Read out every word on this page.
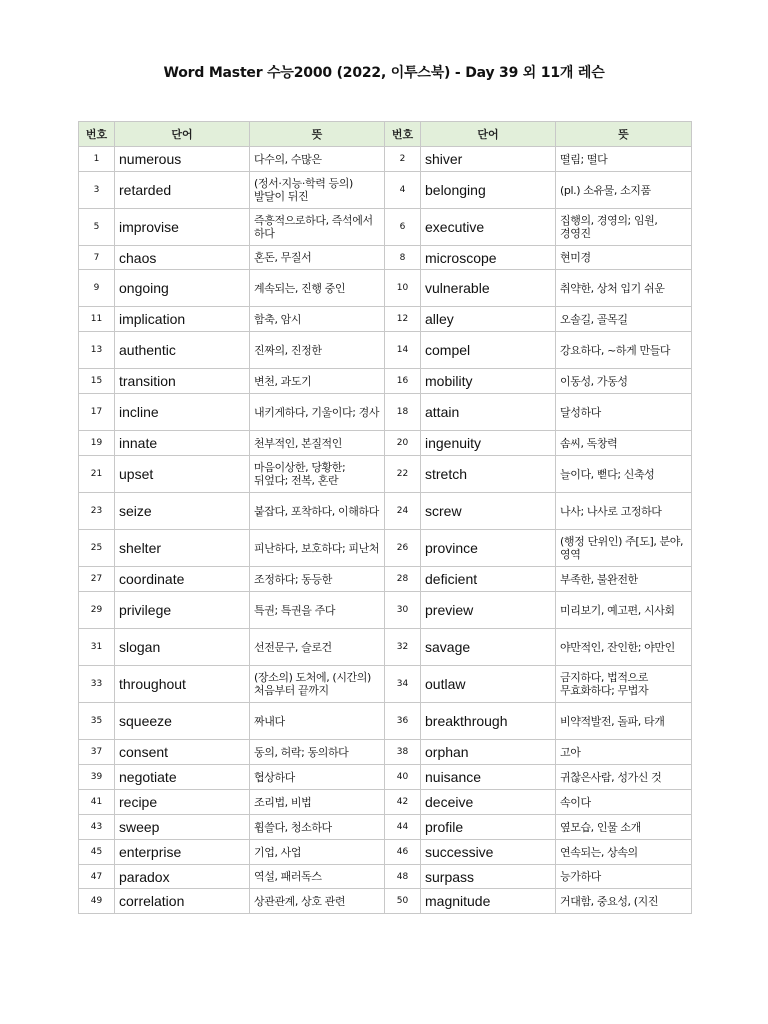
Word Master 수능2000 (2022, 이투스북) - Day 39 외 11개 레슨
번호	단어	뜻	번호	단어	뜻
1	numerous	다수의, 수많은	2	shiver	떨림; 떨다
3	retarded	(정서·지능·학력 등의) 발달이 뒤진	4	belonging	(pl.) 소유물, 소지품
5	improvise	즉흥적으로하다, 즉석에서 하다	6	executive	집행의, 경영의; 임원, 경영진
7	chaos	혼돈, 무질서	8	microscope	현미경
9	ongoing	계속되는, 진행 중인	10	vulnerable	취약한, 상처 입기 쉬운
11	implication	함축, 암시	12	alley	오솔길, 골목길
13	authentic	진짜의, 진정한	14	compel	강요하다, ~하게 만들다
15	transition	변천, 과도기	16	mobility	이동성, 가동성
17	incline	내키게하다, 기울이다; 경사	18	attain	달성하다
19	innate	천부적인, 본질적인	20	ingenuity	솜씨, 독창력
21	upset	마음이상한, 당황한; 뒤엎다; 전복, 혼란	22	stretch	늘이다, 뻗다; 신축성
23	seize	붙잡다, 포착하다, 이해하다	24	screw	나사; 나사로 고정하다
25	shelter	피난하다, 보호하다; 피난처	26	province	(행정 단위인) 주[도], 분야, 영역
27	coordinate	조정하다; 동등한	28	deficient	부족한, 불완전한
29	privilege	특권; 특권을 주다	30	preview	미리보기, 예고편, 시사회
31	slogan	선전문구, 슬로건	32	savage	야만적인, 잔인한; 야만인
33	throughout	(장소의) 도처에, (시간의) 처음부터 끝까지	34	outlaw	금지하다, 법적으로 무효화하다; 무법자
35	squeeze	짜내다	36	breakthrough	비약적발전, 돌파, 타개
37	consent	동의, 허락; 동의하다	38	orphan	고아
39	negotiate	협상하다	40	nuisance	귀찮은사람, 성가신 것
41	recipe	조리법, 비법	42	deceive	속이다
43	sweep	휩쓸다, 청소하다	44	profile	옆모습, 인물 소개
45	enterprise	기업, 사업	46	successive	연속되는, 상속의
47	paradox	역설, 패러독스	48	surpass	능가하다
49	correlation	상관관계, 상호 관련	50	magnitude	거대함, 중요성, (지진
